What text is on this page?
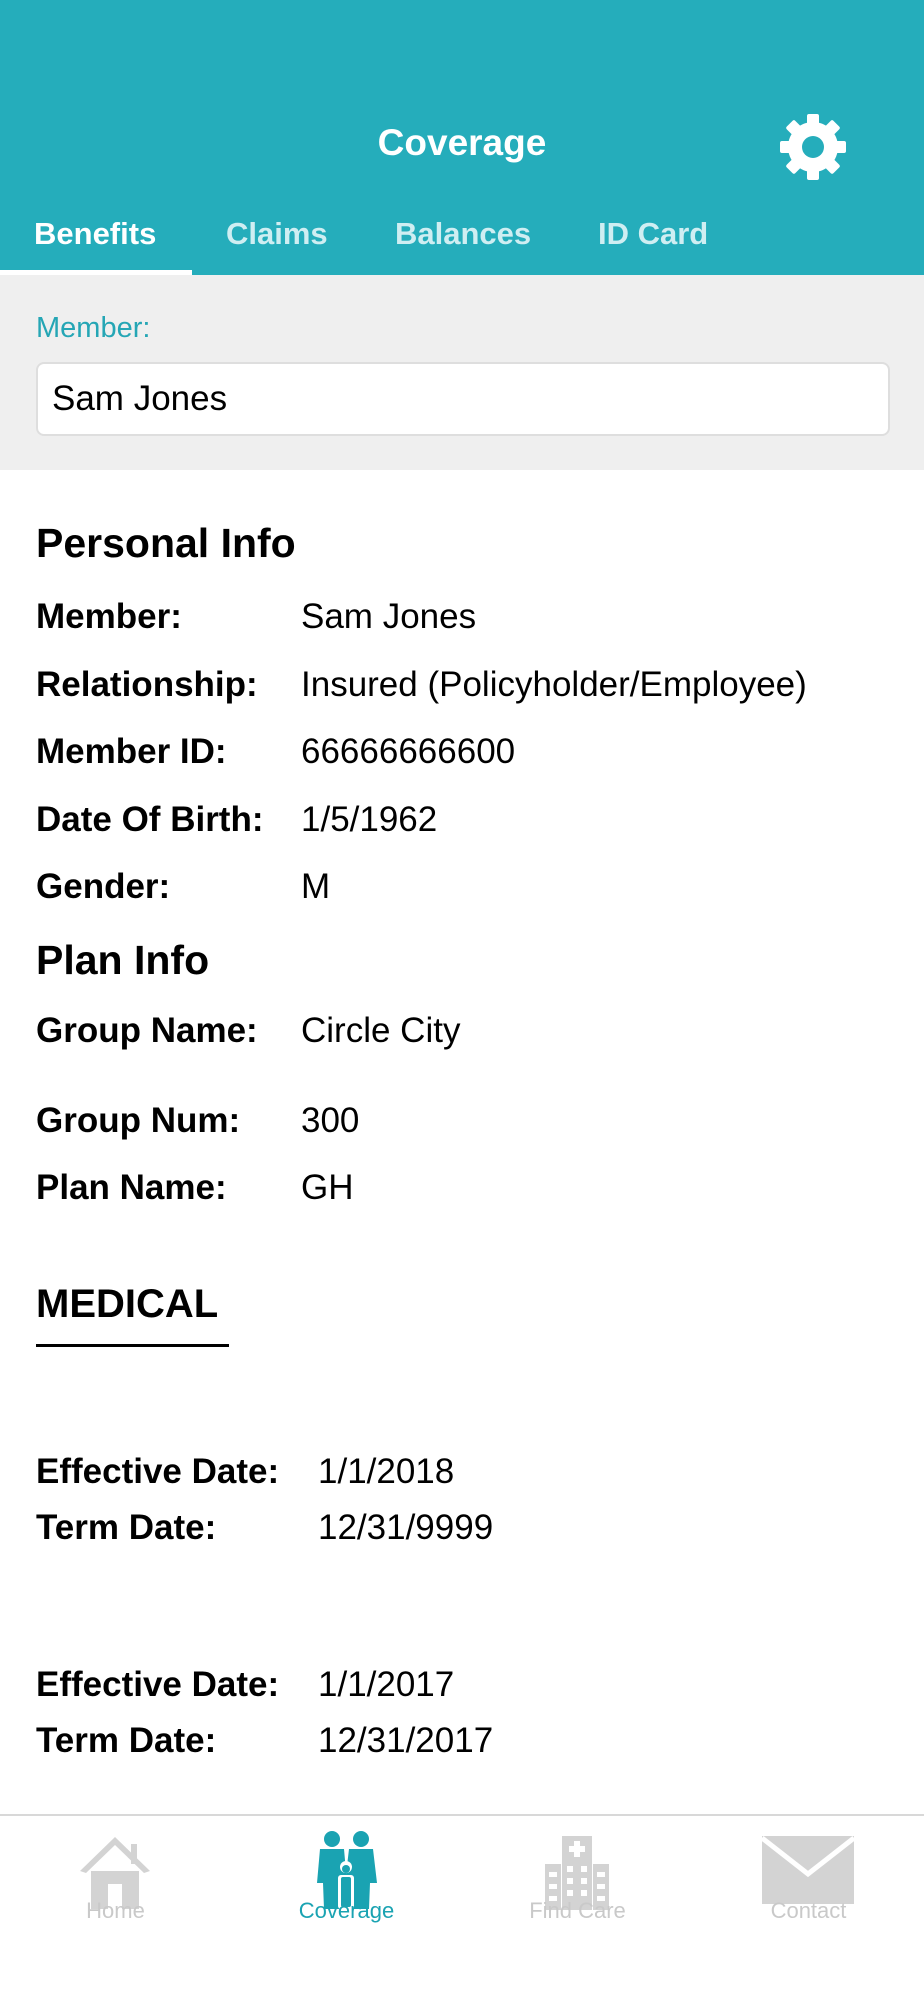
Coverage
Benefits Claims Balances ID Card
Member:
Sam Jones
Personal Info
Member:	Sam Jones
Relationship: Insured (Policyholder/Employee)
Member ID: 66666666600
Date Of Birth: 1/5/1962
Gender:	M
Plan Info
Group Name: Circle City
Group Num: 300
Plan Name: GH
MEDICAL
Effective Date: 1/1/2018
Term Date:	12/31/9999
Effective Date: 1/1/2017
Term Date:	12/31/2017
Home	Coverage	Find Care	Contact
